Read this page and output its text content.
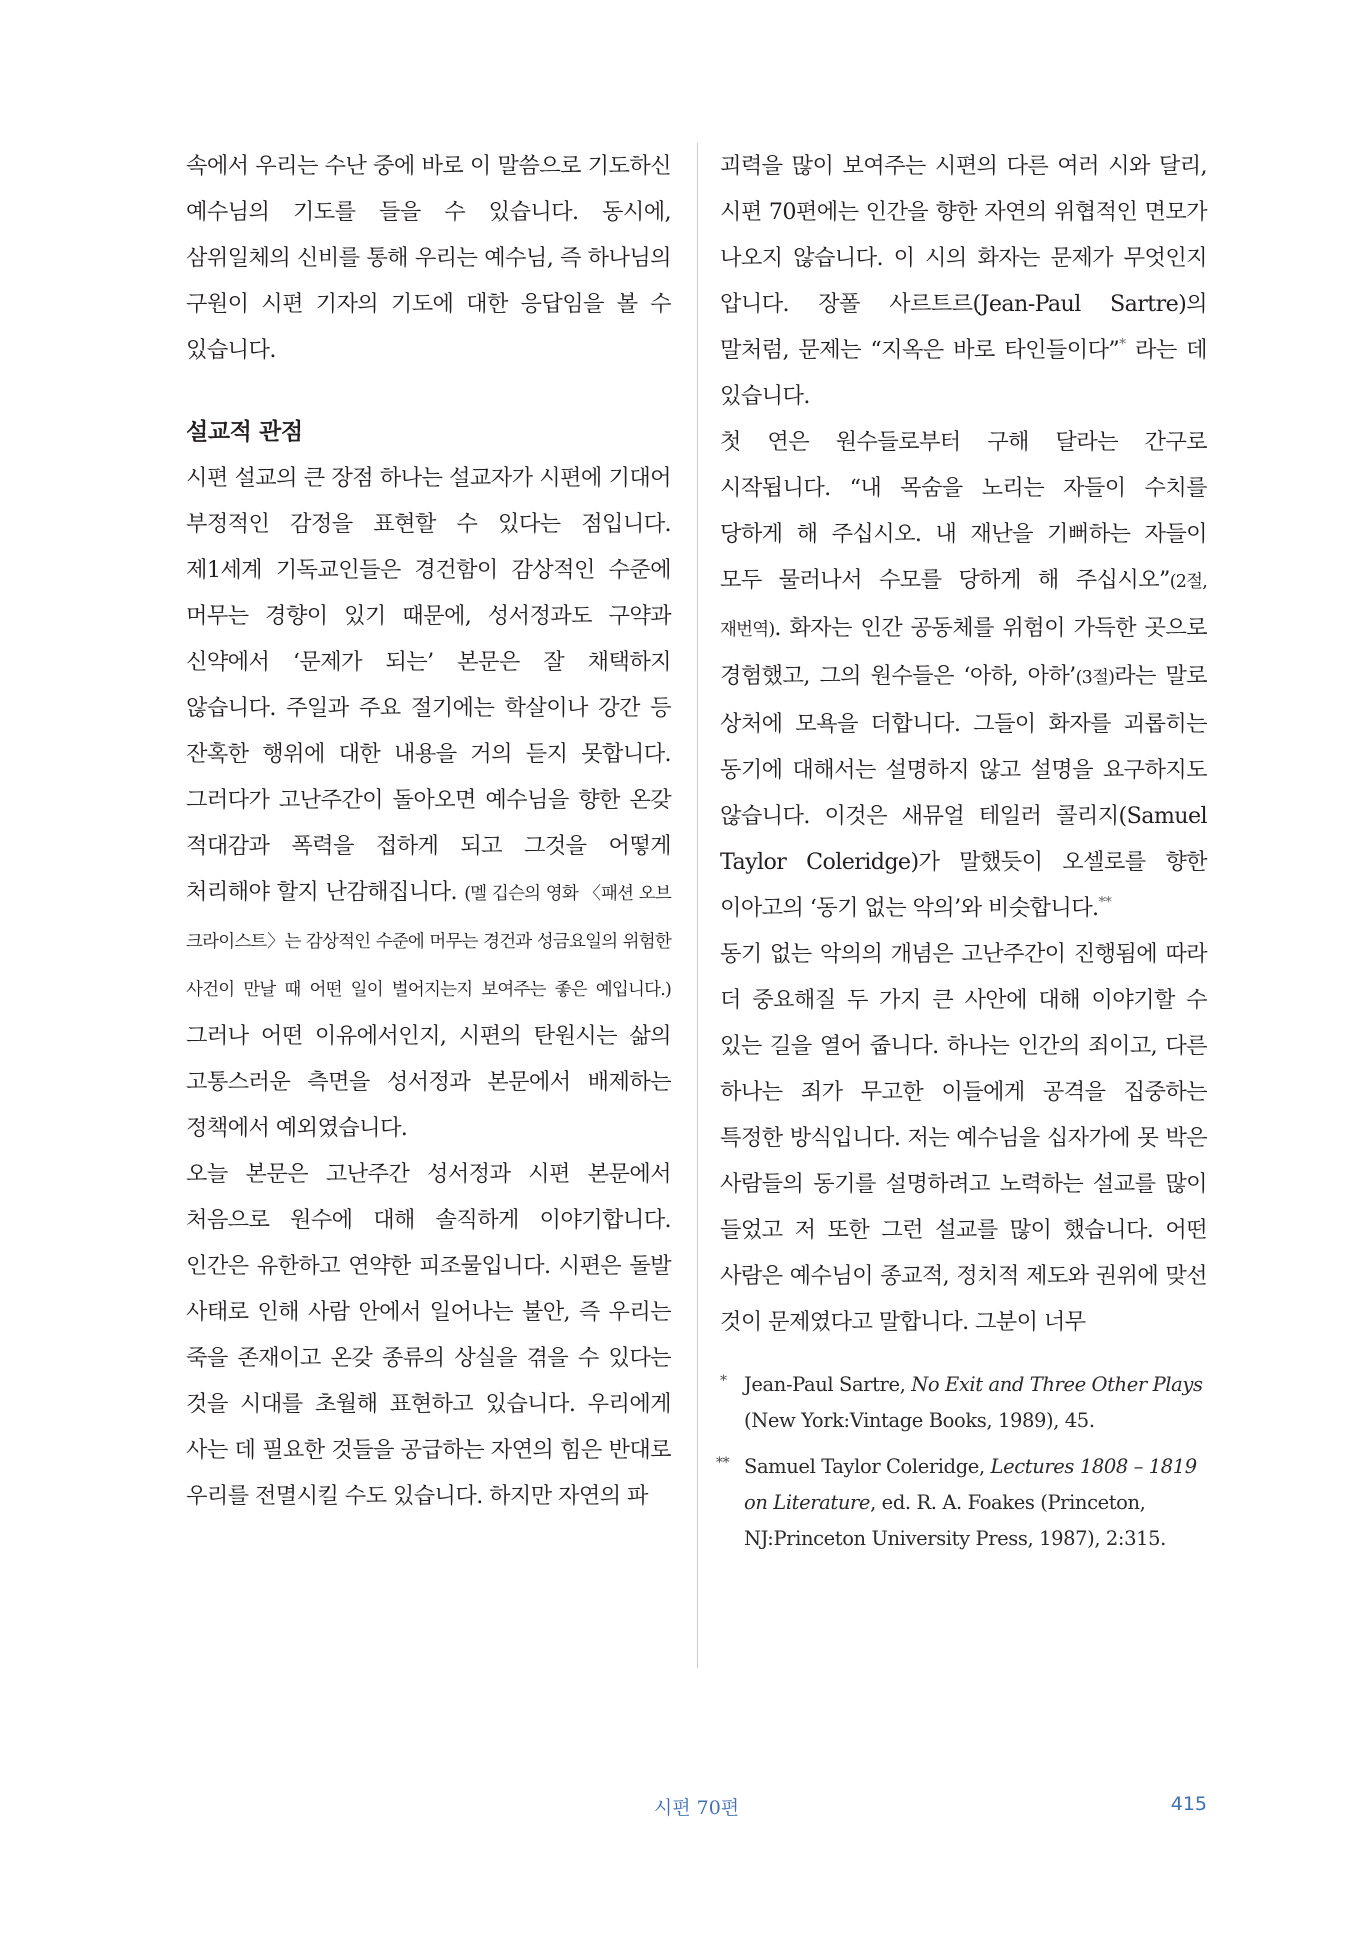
속에서 우리는 수난 중에 바로 이 말씀으로 기도하신 예수님의 기도를 들을 수 있습니다. 동시에, 삼위일체의 신비를 통해 우리는 예수님, 즉 하나님의 구원이 시편 기자의 기도에 대한 응답임을 볼 수 있습니다.

설교적 관점

시편 설교의 큰 장점 하나는 설교자가 시편에 기대어 부정적인 감정을 표현할 수 있다는 점입니다. 제1세계 기독교인들은 경건함이 감상적인 수준에 머무는 경향이 있기 때문에, 성서정과도 구약과 신약에서 ‘문제가 되는’ 본문은 잘 채택하지 않습니다. 주일과 주요 절기에는 학살이나 강간 등 잔혹한 행위에 대한 내용을 거의 듣지 못합니다. 그러다가 고난주간이 돌아오면 예수님을 향한 온갖 적대감과 폭력을 접하게 되고 그것을 어떻게 처리해야 할지 난감해집니다. (멜 깁슨의 영화 〈패션 오브 크라이스트〉는 감상적인 수준에 머무는 경건과 성금요일의 위험한 사건이 만날 때 어떤 일이 벌어지는지 보여주는 좋은 예입니다.) 그러나 어떤 이유에서인지, 시편의 탄원시는 삶의 고통스러운 측면을 성서정과 본문에서 배제하는 정책에서 예외였습니다.

오늘 본문은 고난주간 성서정과 시편 본문에서 처음으로 원수에 대해 솔직하게 이야기합니다. 인간은 유한하고 연약한 피조물입니다. 시편은 돌발 사태로 인해 사람 안에서 일어나는 불안, 즉 우리는 죽을 존재이고 온갖 종류의 상실을 겪을 수 있다는 것을 시대를 초월해 표현하고 있습니다. 우리에게 사는 데 필요한 것들을 공급하는 자연의 힘은 반대로 우리를 전멸시킬 수도 있습니다. 하지만 자연의 파

괴력을 많이 보여주는 시편의 다른 여러 시와 달리, 시편 70편에는 인간을 향한 자연의 위협적인 면모가 나오지 않습니다. 이 시의 화자는 문제가 무엇인지 압니다. 장폴 사르트르(Jean-Paul Sartre)의 말처럼, 문제는 “지옥은 바로 타인들이다”* 라는 데 있습니다.

첫 연은 원수들로부터 구해 달라는 간구로 시작됩니다. “내 목숨을 노리는 자들이 수치를 당하게 해 주십시오. 내 재난을 기뻐하는 자들이 모두 물러나서 수모를 당하게 해 주십시오”(2절, 재번역). 화자는 인간 공동체를 위험이 가득한 곳으로 경험했고, 그의 원수들은 ‘아하, 아하’(3절)라는 말로 상처에 모욕을 더합니다. 그들이 화자를 괴롭히는 동기에 대해서는 설명하지 않고 설명을 요구하지도 않습니다. 이것은 새뮤얼 테일러 콜리지(Samuel Taylor Coleridge)가 말했듯이 오셀로를 향한 이아고의 ‘동기 없는 악의’와 비슷합니다.**

동기 없는 악의의 개념은 고난주간이 진행됨에 따라 더 중요해질 두 가지 큰 사안에 대해 이야기할 수 있는 길을 열어 줍니다. 하나는 인간의 죄이고, 다른 하나는 죄가 무고한 이들에게 공격을 집중하는 특정한 방식입니다. 저는 예수님을 십자가에 못 박은 사람들의 동기를 설명하려고 노력하는 설교를 많이 들었고 저 또한 그런 설교를 많이 했습니다. 어떤 사람은 예수님이 종교적, 정치적 제도와 권위에 맞선 것이 문제였다고 말합니다. 그분이 너무

* Jean-Paul Sartre, No Exit and Three Other Plays (New York:Vintage Books, 1989), 45.
** Samuel Taylor Coleridge, Lectures 1808 – 1819 on Literature, ed. R. A. Foakes (Princeton, NJ:Princeton University Press, 1987), 2:315.
시편 70편	415
